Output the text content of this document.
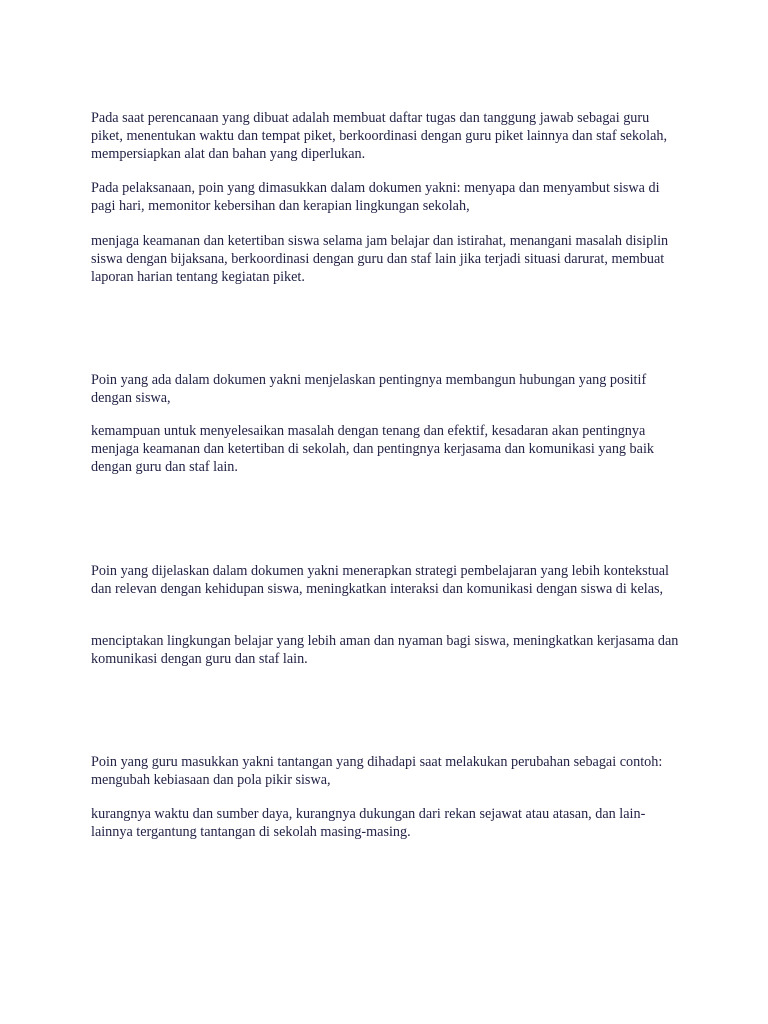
Pada saat perencanaan yang dibuat adalah membuat daftar tugas dan tanggung jawab sebagai guru piket, menentukan waktu dan tempat piket, berkoordinasi dengan guru piket lainnya dan staf sekolah, mempersiapkan alat dan bahan yang diperlukan.

Pada pelaksanaan, poin yang dimasukkan dalam dokumen yakni: menyapa dan menyambut siswa di pagi hari, memonitor kebersihan dan kerapian lingkungan sekolah,

menjaga keamanan dan ketertiban siswa selama jam belajar dan istirahat, menangani masalah disiplin siswa dengan bijaksana, berkoordinasi dengan guru dan staf lain jika terjadi situasi darurat, membuat laporan harian tentang kegiatan piket.

Poin yang ada dalam dokumen yakni menjelaskan pentingnya membangun hubungan yang positif dengan siswa,

kemampuan untuk menyelesaikan masalah dengan tenang dan efektif, kesadaran akan pentingnya menjaga keamanan dan ketertiban di sekolah, dan pentingnya kerjasama dan komunikasi yang baik dengan guru dan staf lain.

Poin yang dijelaskan dalam dokumen yakni menerapkan strategi pembelajaran yang lebih kontekstual dan relevan dengan kehidupan siswa, meningkatkan interaksi dan komunikasi dengan siswa di kelas,

menciptakan lingkungan belajar yang lebih aman dan nyaman bagi siswa, meningkatkan kerjasama dan komunikasi dengan guru dan staf lain.

Poin yang guru masukkan yakni tantangan yang dihadapi saat melakukan perubahan sebagai contoh: mengubah kebiasaan dan pola pikir siswa,

kurangnya waktu dan sumber daya, kurangnya dukungan dari rekan sejawat atau atasan, dan lain-lainnya tergantung tantangan di sekolah masing-masing.
